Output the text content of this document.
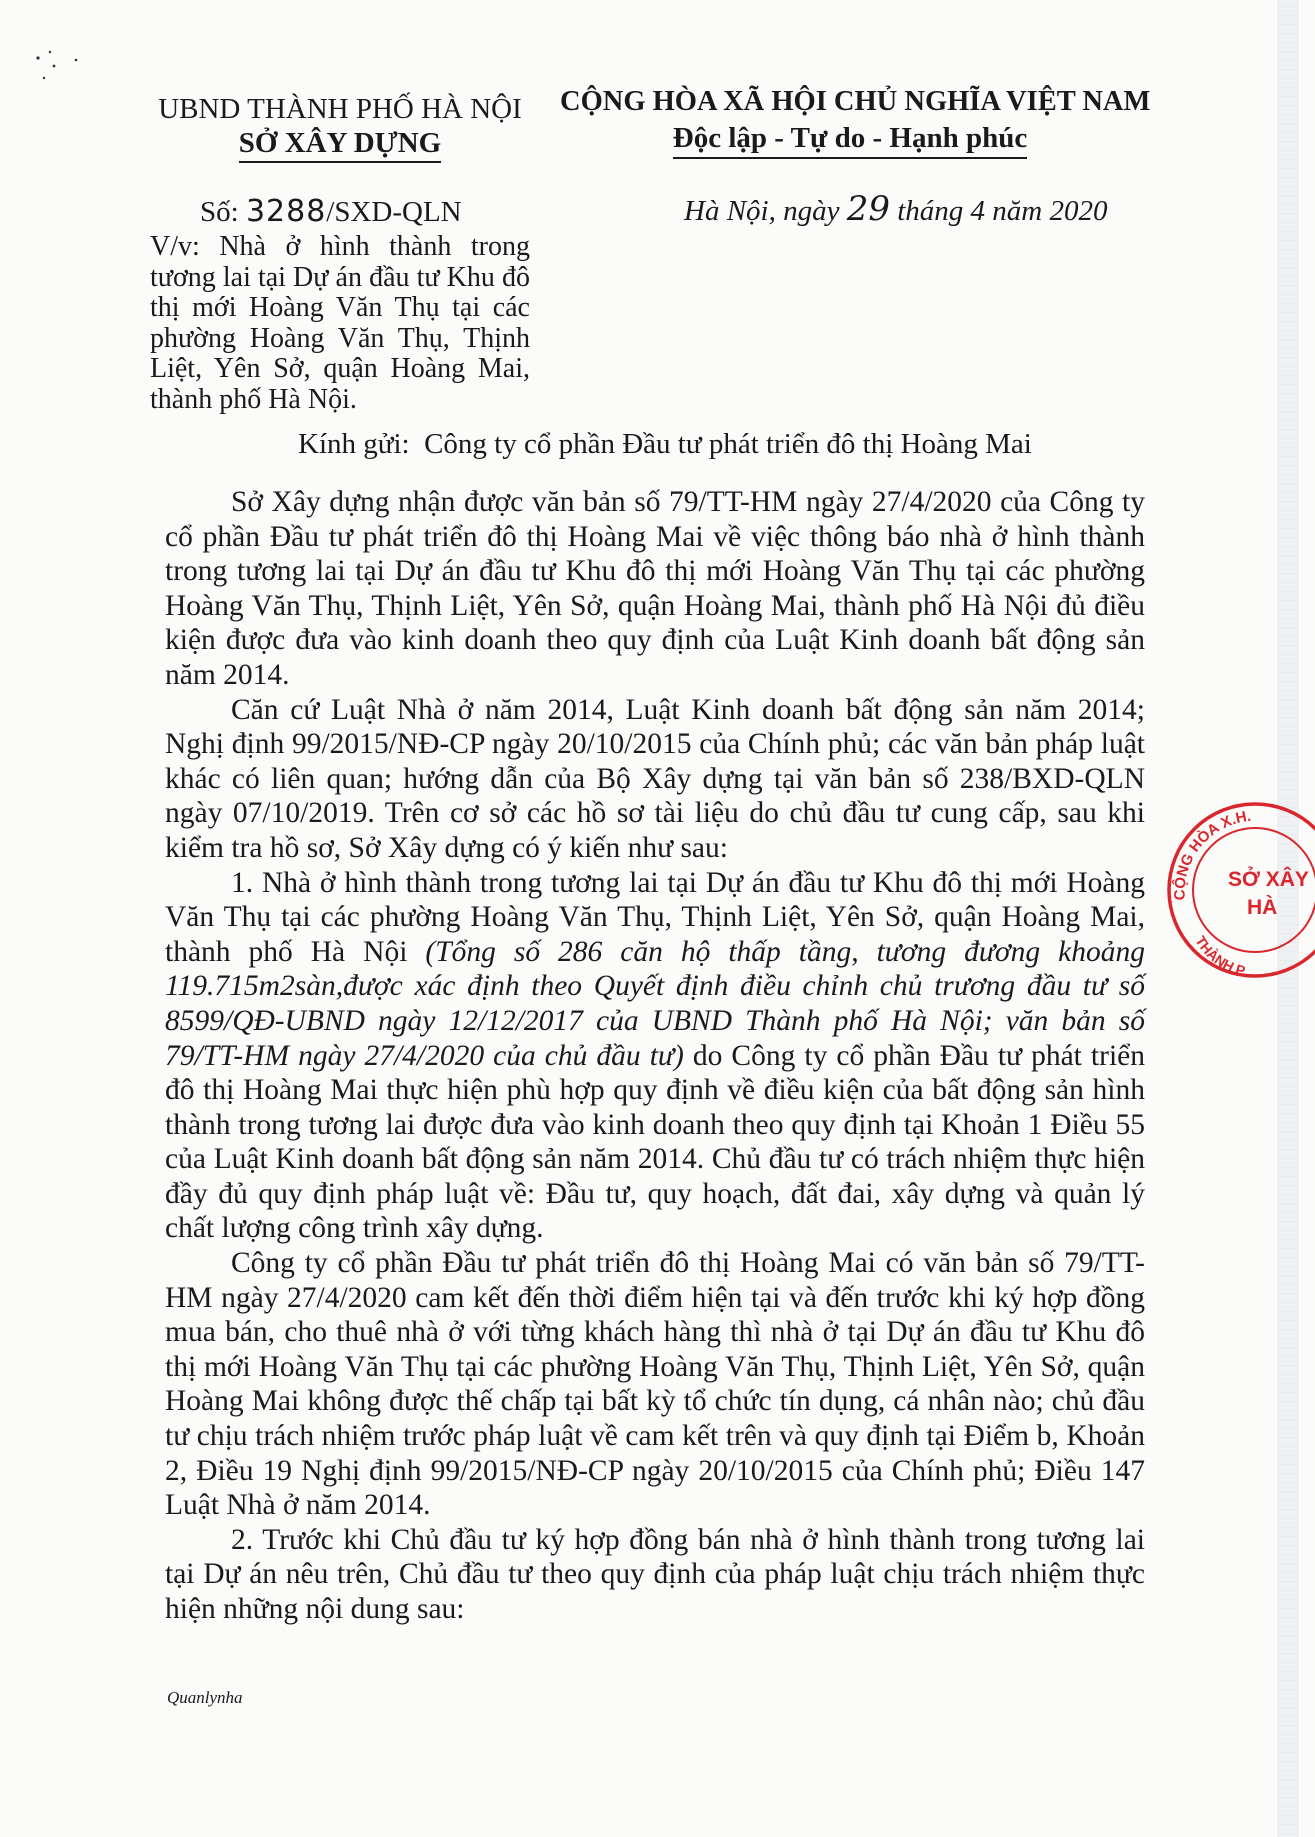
UBND THÀNH PHỐ HÀ NỘI
SỞ XÂY DỰNG
CỘNG HÒA XÃ HỘI CHỦ NGHĨA VIỆT NAM
Độc lập - Tự do - Hạnh phúc
Số: 3288/SXD-QLN	Hà Nội, ngày 29 tháng 4 năm 2020
V/v: Nhà ở hình thành trong tương lai tại Dự án đầu tư Khu đô thị mới Hoàng Văn Thụ tại các phường Hoàng Văn Thụ, Thịnh Liệt, Yên Sở, quận Hoàng Mai, thành phố Hà Nội.
Kính gửi: Công ty cổ phần Đầu tư phát triển đô thị Hoàng Mai

Sở Xây dựng nhận được văn bản số 79/TT-HM ngày 27/4/2020 của Công ty cổ phần Đầu tư phát triển đô thị Hoàng Mai về việc thông báo nhà ở hình thành trong tương lai tại Dự án đầu tư Khu đô thị mới Hoàng Văn Thụ tại các phường Hoàng Văn Thụ, Thịnh Liệt, Yên Sở, quận Hoàng Mai, thành phố Hà Nội đủ điều kiện được đưa vào kinh doanh theo quy định của Luật Kinh doanh bất động sản năm 2014.

Căn cứ Luật Nhà ở năm 2014, Luật Kinh doanh bất động sản năm 2014; Nghị định 99/2015/NĐ-CP ngày 20/10/2015 của Chính phủ; các văn bản pháp luật khác có liên quan; hướng dẫn của Bộ Xây dựng tại văn bản số 238/BXD-QLN ngày 07/10/2019. Trên cơ sở các hồ sơ tài liệu do chủ đầu tư cung cấp, sau khi kiểm tra hồ sơ, Sở Xây dựng có ý kiến như sau:

1. Nhà ở hình thành trong tương lai tại Dự án đầu tư Khu đô thị mới Hoàng Văn Thụ tại các phường Hoàng Văn Thụ, Thịnh Liệt, Yên Sở, quận Hoàng Mai, thành phố Hà Nội (Tổng số 286 căn hộ thấp tầng, tương đương khoảng 119.715m2sàn,được xác định theo Quyết định điều chỉnh chủ trương đầu tư số 8599/QĐ-UBND ngày 12/12/2017 của UBND Thành phố Hà Nội; văn bản số 79/TT-HM ngày 27/4/2020 của chủ đầu tư) do Công ty cổ phần Đầu tư phát triển đô thị Hoàng Mai thực hiện phù hợp quy định về điều kiện của bất động sản hình thành trong tương lai được đưa vào kinh doanh theo quy định tại Khoản 1 Điều 55 của Luật Kinh doanh bất động sản năm 2014. Chủ đầu tư có trách nhiệm thực hiện đầy đủ quy định pháp luật về: Đầu tư, quy hoạch, đất đai, xây dựng và quản lý chất lượng công trình xây dựng.

Công ty cổ phần Đầu tư phát triển đô thị Hoàng Mai có văn bản số 79/TT-HM ngày 27/4/2020 cam kết đến thời điểm hiện tại và đến trước khi ký hợp đồng mua bán, cho thuê nhà ở với từng khách hàng thì nhà ở tại Dự án đầu tư Khu đô thị mới Hoàng Văn Thụ tại các phường Hoàng Văn Thụ, Thịnh Liệt, Yên Sở, quận Hoàng Mai không được thế chấp tại bất kỳ tổ chức tín dụng, cá nhân nào; chủ đầu tư chịu trách nhiệm trước pháp luật về cam kết trên và quy định tại Điểm b, Khoản 2, Điều 19 Nghị định 99/2015/NĐ-CP ngày 20/10/2015 của Chính phủ; Điều 147 Luật Nhà ở năm 2014.

2. Trước khi Chủ đầu tư ký hợp đồng bán nhà ở hình thành trong tương lai tại Dự án nêu trên, Chủ đầu tư theo quy định của pháp luật chịu trách nhiệm thực hiện những nội dung sau:

Quanlynha
CỘNG HÒA X.H.
THÀNH P
SỞ XÂY
HÀ
